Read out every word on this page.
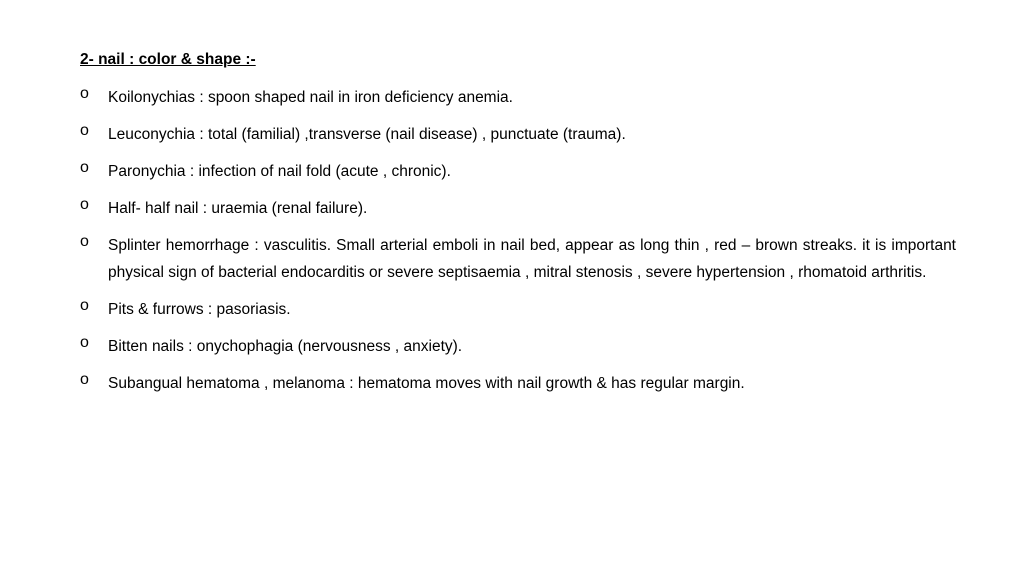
2- nail : color & shape :-
o Koilonychias : spoon shaped nail in iron deficiency anemia.
o Leuconychia : total (familial) ,transverse (nail disease) , punctuate (trauma).
o Paronychia : infection of nail fold (acute , chronic).
o Half- half nail : uraemia (renal failure).
o Splinter hemorrhage : vasculitis. Small arterial emboli in nail bed, appear as long thin , red – brown streaks. it is important physical sign of bacterial endocarditis or severe septisaemia , mitral stenosis , severe hypertension , rhomatoid arthritis.
o Pits & furrows : pasoriasis.
o Bitten nails : onychophagia (nervousness , anxiety).
o Subangual hematoma , melanoma : hematoma moves with nail growth & has regular margin.
